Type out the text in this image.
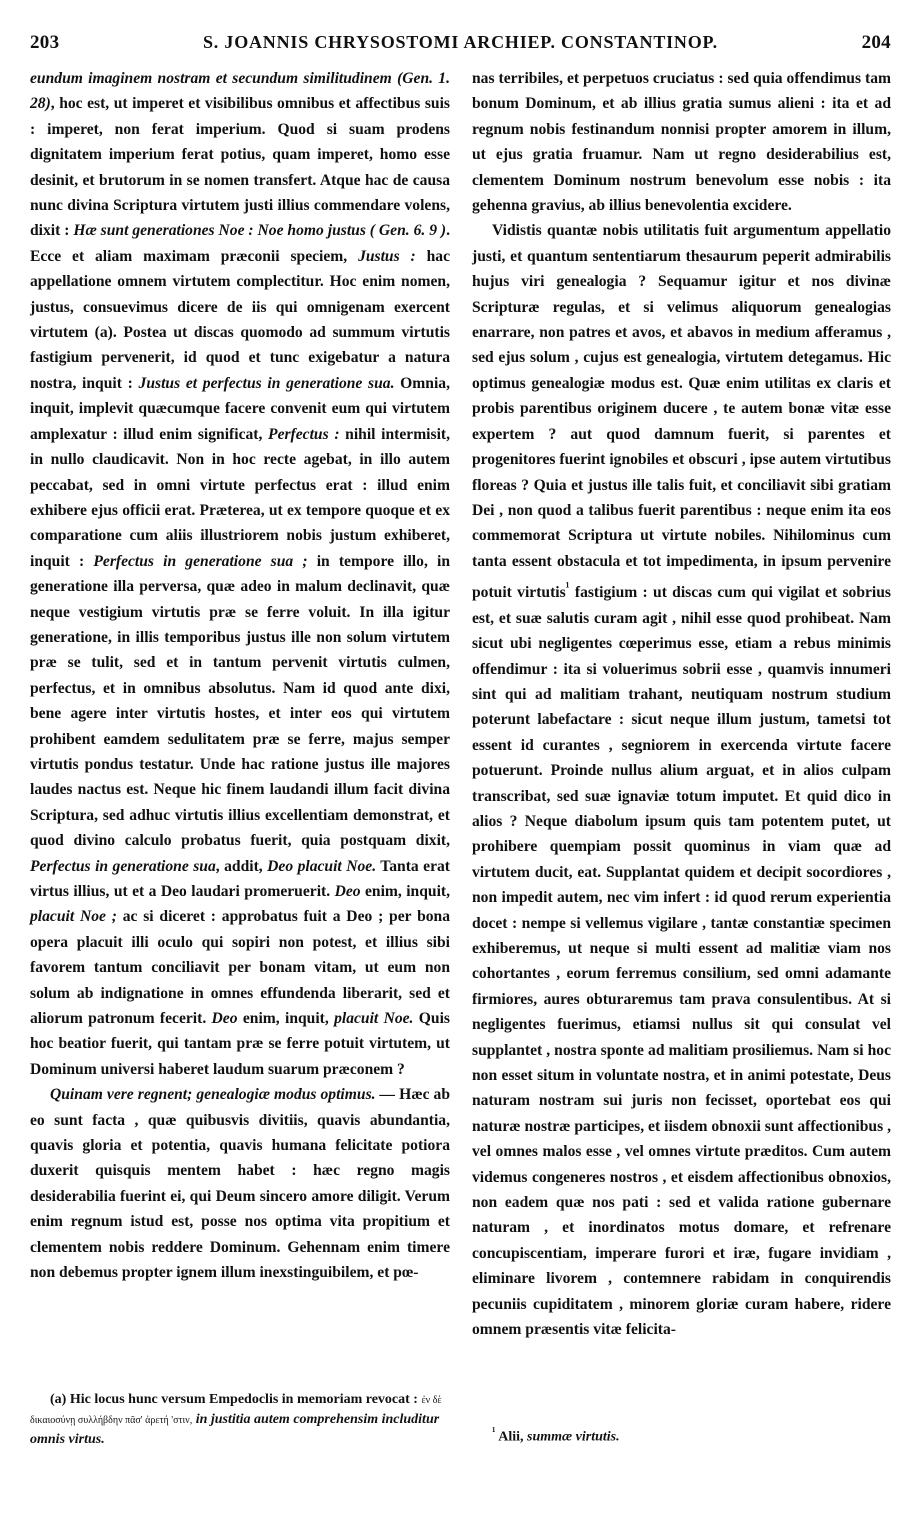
203	S. JOANNIS CHRYSOSTOMI ARCHIEP. CONSTANTINOP.	204

eundum imaginem nostram et secundum similitudinem (Gen. 1. 28), hoc est, ut imperet et visibilibus omnibus et affectibus suis : imperet, non ferat imperium. Quod si suam prodens dignitatem imperium ferat potius, quam imperet, homo esse desinit, et brutorum in se nomen transfert. Atque hac de causa nunc divina Scriptura virtutem justi illius commendare volens, dixit : Hæ sunt generationes Noe : Noe homo justus ( Gen. 6. 9 ). Ecce et aliam maximam præconii speciem, Justus : hac appellatione omnem virtutem complectitur. Hoc enim nomen, justus, consuevimus dicere de iis qui omnigenam exercent virtutem (a). Postea ut discas quomodo ad summum virtutis fastigium pervenerit, id quod et tunc exigebatur a natura nostra, inquit : Justus et perfectus in generatione sua. Omnia, inquit, implevit quæcumque facere convenit eum qui virtutem amplexatur : illud enim significat, Perfectus : nihil intermisit, in nullo claudicavit. Non in hoc recte agebat, in illo autem peccabat, sed in omni virtute perfectus erat : illud enim exhibere ejus officii erat. Præterea, ut ex tempore quoque et ex comparatione cum aliis illustriorem nobis justum exhiberet, inquit : Perfectus in generatione sua ; in tempore illo, in generatione illa perversa, quæ adeo in malum declinavit, quæ neque vestigium virtutis præ se ferre voluit. In illa igitur generatione, in illis temporibus justus ille non solum virtutem præ se tulit, sed et in tantum pervenit virtutis culmen, perfectus, et in omnibus absolutus. Nam id quod ante dixi, bene agere inter virtutis hostes, et inter eos qui virtutem prohibent eamdem sedulitatem præ se ferre, majus semper virtutis pondus testatur. Unde hac ratione justus ille majores laudes nactus est. Neque hic finem laudandi illum facit divina Scriptura, sed adhuc virtutis illius excellentiam demonstrat, et quod divino calculo probatus fuerit, quia postquam dixit, Perfectus in generatione sua, addit, Deo placuit Noe. Tanta erat virtus illius, ut et a Deo laudari promeruerit. Deo enim, inquit, placuit Noe ; ac si diceret : approbatus fuit a Deo ; per bona opera placuit illi oculo qui sopiri non potest, et illius sibi favorem tantum conciliavit per bonam vitam, ut eum non solum ab indignatione in omnes effundenda liberarit, sed et aliorum patronum fecerit. Deo enim, inquit, placuit Noe. Quis hoc beatior fuerit, qui tantam præ se ferre potuit virtutem, ut Dominum universi haberet laudum suarum præconem ?

Quinam vere regnent; genealogiæ modus optimus. — Hæc ab eo sunt facta , quæ quibusvis divitiis, quavis abundantia, quavis gloria et potentia, quavis humana felicitate potiora duxerit quisquis mentem habet : hæc regno magis desiderabilia fuerint ei, qui Deum sincero amore diligit. Verum enim regnum istud est, posse nos optima vita propitium et clementem nobis reddere Dominum. Gehennam enim timere non debemus propter ignem illum inexstinguibilem, et pœ-

nas terribiles, et perpetuos cruciatus : sed quia offendimus tam bonum Dominum, et ab illius gratia sumus alieni : ita et ad regnum nobis festinandum nonnisi propter amorem in illum, ut ejus gratia fruamur. Nam ut regno desiderabilius est, clementem Dominum nostrum benevolum esse nobis : ita gehenna gravius, ab illius benevolentia excidere.

Vidistis quantæ nobis utilitatis fuit argumentum appellatio justi, et quantum sententiarum thesaurum peperit admirabilis hujus viri genealogia ? Sequamur igitur et nos divinæ Scripturæ regulas, et si velimus aliquorum genealogias enarrare, non patres et avos, et abavos in medium afferamus , sed ejus solum , cujus est genealogia, virtutem detegamus. Hic optimus genealogiæ modus est. Quæ enim utilitas ex claris et probis parentibus originem ducere , te autem bonæ vitæ esse expertem ? aut quod damnum fuerit, si parentes et progenitores fuerint ignobiles et obscuri , ipse autem virtutibus floreas ? Quia et justus ille talis fuit, et conciliavit sibi gratiam Dei , non quod a talibus fuerit parentibus : neque enim ita eos commemorat Scriptura ut virtute nobiles. Nihilominus cum tanta essent obstacula et tot impedimenta, in ipsum pervenire potuit virtutis$^{^1}$ fastigium : ut discas cum qui vigilat et sobrius est, et suæ salutis curam agit , nihil esse quod prohibeat. Nam sicut ubi negligentes cœperimus esse, etiam a rebus minimis offendimur : ita si voluerimus sobrii esse , quamvis innumeri sint qui ad malitiam trahant, neutiquam nostrum studium poterunt labefactare : sicut neque illum justum, tametsi tot essent id curantes , segniorem in exercenda virtute facere potuerunt. Proinde nullus alium arguat, et in alios culpam transcribat, sed suæ ignaviæ totum imputet. Et quid dico in alios ? Neque diabolum ipsum quis tam potentem putet, ut prohibere quempiam possit quominus in viam quæ ad virtutem ducit, eat. Supplantat quidem et decipit socordiores , non impedit autem, nec vim infert : id quod rerum experientia docet : nempe si vellemus vigilare , tantæ constantiæ specimen exhiberemus, ut neque si multi essent ad malitiæ viam nos cohortantes , eorum ferremus consilium, sed omni adamante firmiores, aures obturaremus tam prava consulentibus. At si negligentes fuerimus, etiamsi nullus sit qui consulat vel supplantet , nostra sponte ad malitiam prosiliemus. Nam si hoc non esset situm in voluntate nostra, et in animi potestate, Deus naturam nostram sui juris non fecisset, oportebat eos qui naturæ nostræ participes, et iisdem obnoxii sunt affectionibus , vel omnes malos esse , vel omnes virtute præditos. Cum autem videmus congeneres nostros , et eisdem affectionibus obnoxios, non eadem quæ nos pati : sed et valida ratione gubernare naturam , et inordinatos motus domare, et refrenare concupiscentiam, imperare furori et iræ, fugare invidiam , eliminare livorem , contemnere rabidam in conquirendis pecuniis cupiditatem , minorem gloriæ curam habere, ridere omnem præsentis vitæ felicita-

(a) Hic locus hunc versum Empedoclis in memoriam revocat : ἐν δὲ δικαιοσύνῃ συλλήβδην πᾶσ' ἀρετή 'στιν, in justitia autem comprehensim includitur omnis virtus.

$^{^1}$ Alii, summæ virtutis.
